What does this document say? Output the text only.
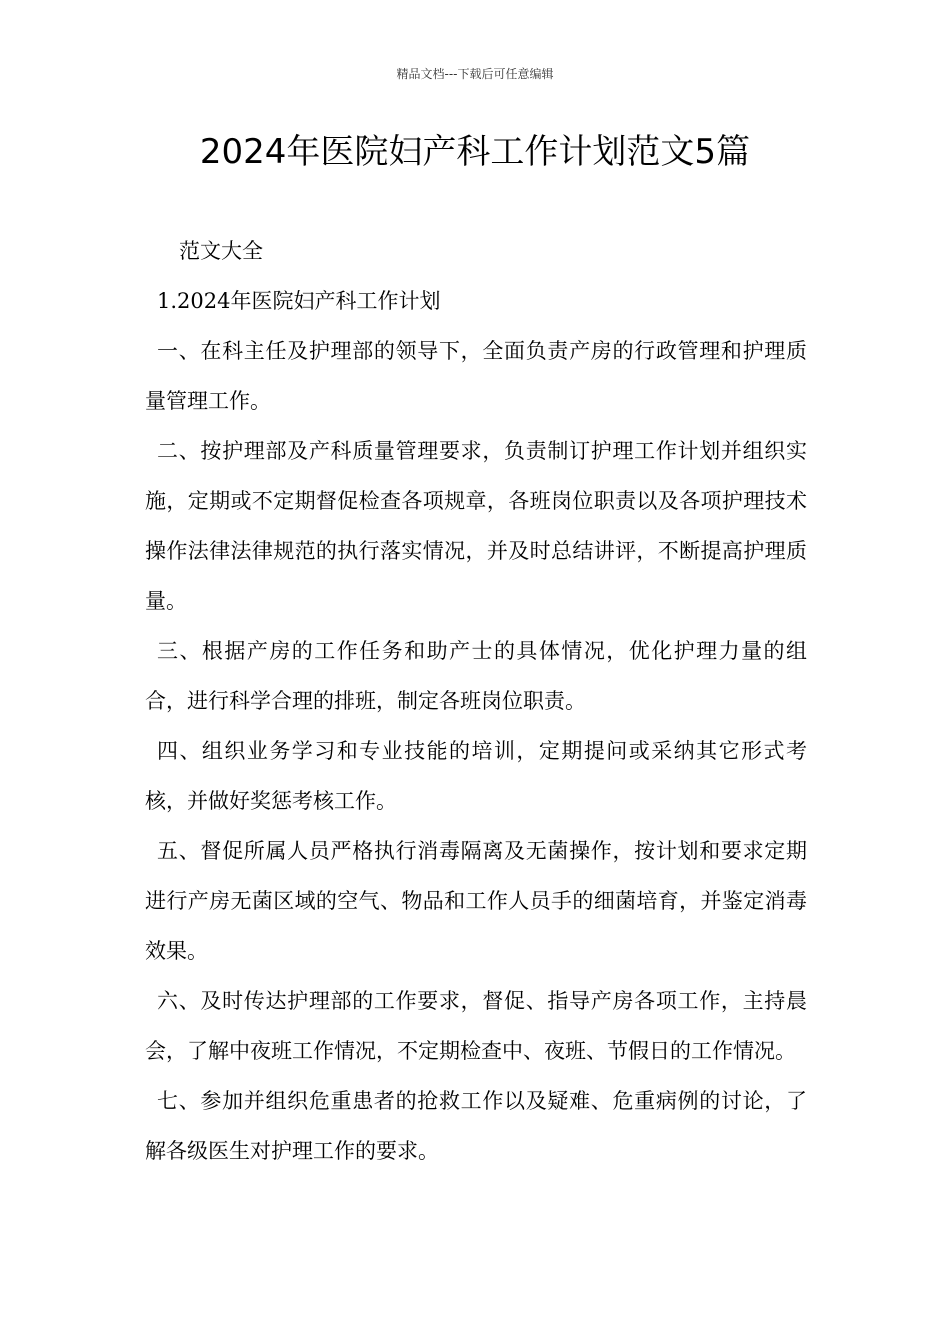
精品文档---下载后可任意编辑
2024年医院妇产科工作计划范文5篇

范文大全

1.2024年医院妇产科工作计划

一、在科主任及护理部的领导下，全面负责产房的行政管理和护理质量管理工作。

二、按护理部及产科质量管理要求，负责制订护理工作计划并组织实施，定期或不定期督促检查各项规章，各班岗位职责以及各项护理技术操作法律法律规范的执行落实情况，并及时总结讲评，不断提高护理质量。

三、根据产房的工作任务和助产士的具体情况，优化护理力量的组合，进行科学合理的排班，制定各班岗位职责。

四、组织业务学习和专业技能的培训，定期提问或采纳其它形式考核，并做好奖惩考核工作。

五、督促所属人员严格执行消毒隔离及无菌操作，按计划和要求定期进行产房无菌区域的空气、物品和工作人员手的细菌培育，并鉴定消毒效果。

六、及时传达护理部的工作要求，督促、指导产房各项工作，主持晨会，了解中夜班工作情况，不定期检查中、夜班、节假日的工作情况。

七、参加并组织危重患者的抢救工作以及疑难、危重病例的讨论，了解各级医生对护理工作的要求。
